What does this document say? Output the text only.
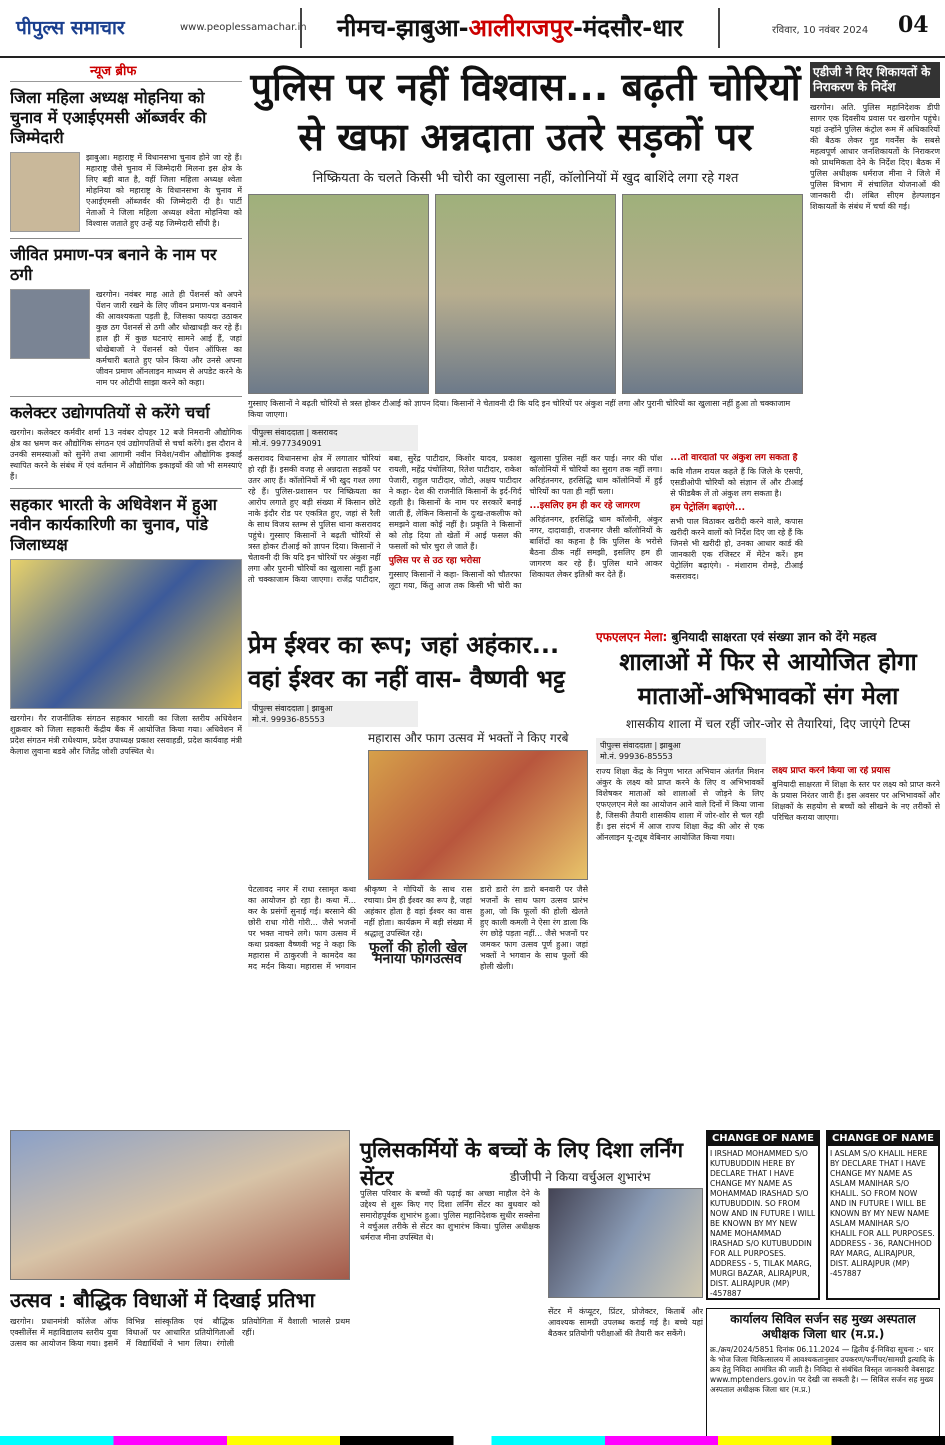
पीपुल्स समाचार	www.peoplessamachar.in	नीमच-झाबुआ-आलीराजपुर-मंदसौर-धार	रविवार, 10 नवंबर 2024 04
न्यूज ब्रीफ
जिला महिला अध्यक्ष मोहनिया को चुनाव में एआईएमसी ऑब्जर्वर की जिम्मेदारी

झाबुआ। महाराष्ट्र में विधानसभा चुनाव होने जा रहे हैं। महाराष्ट्र जैसे चुनाव में जिम्मेदारी मिलना इस क्षेत्र के लिए बड़ी बात है, वहीं जिला महिला अध्यक्ष श्वेता मोहनिया को महाराष्ट्र के विधानसभा के चुनाव में एआईएमसी ऑब्जर्वर की जिम्मेदारी दी है। पार्टी नेताओं ने जिला महिला अध्यक्ष श्वेता मोहनिया को विश्वास जताते हुए उन्हें यह जिम्मेदारी सौंपी है।

जीवित प्रमाण-पत्र बनाने के नाम पर ठगी

खरगोन। नवंबर माह आते ही पेंशनर्स को अपने पेंशन जारी रखने के लिए जीवन प्रमाण-पत्र बनवाने की आवश्यकता पड़ती है, जिसका फायदा उठाकर कुछ ठग पेंशनर्स से ठगी और धोखाधड़ी कर रहे हैं। हाल ही में कुछ घटनाएं सामने आई हैं, जहां धोखेबाजों ने पेंशनर्स को पेंशन ऑफिस का कर्मचारी बताते हुए फोन किया और उनसे अपना जीवन प्रमाण ऑनलाइन माध्यम से अपडेट करने के नाम पर ओटीपी साझा करने को कहा।

कलेक्टर उद्योगपतियों से करेंगे चर्चा

खरगोन। कलेक्टर कर्मवीर शर्मा 13 नवंबर दोपहर 12 बजे निमरानी औद्योगिक क्षेत्र का भ्रमण कर औद्योगिक संगठन एवं उद्योगपतियों से चर्चा करेंगे। इस दौरान वे उनकी समस्याओं को सुनेंगे तथा आगामी नवीन निवेश/नवीन औद्योगिक इकाई स्थापित करने के संबंध में एवं वर्तमान में औद्योगिक इकाइयों की जो भी समस्याएं हैं।

सहकार भारती के अधिवेशन में हुआ नवीन कार्यकारिणी का चुनाव, पांडे जिलाध्यक्ष

खरगोन। गैर राजनीतिक संगठन सहकार भारती का जिला स्तरीय अधिवेशन शुक्रवार को जिला सहकारी केंद्रीय बैंक में आयोजित किया गया। अधिवेशन में प्रदेश संगठन मंत्री राधेश्याम, प्रदेश उपाध्यक्ष प्रकाश रसवाहडी, प्रदेश कार्यवाह मंत्री केलाश लुवाना बडवे और जितेंद्र जोशी उपस्थित थे।

पुलिस पर नहीं विश्वास... बढ़ती चोरियों
से खफा अन्नदाता उतरे सड़कों पर
निष्क्रियता के चलते किसी भी चोरी का खुलासा नहीं, कॉलोनियों में खुद बाशिंदे लगा रहे गश्त
गुस्साए किसानों ने बढ़ती चोरियों से त्रस्त होकर टीआई को ज्ञापन दिया। किसानों ने चेतावनी दी कि यदि इन चोरियों पर अंकुश नहीं लगा और पुरानी चोरियों का खुलासा नहीं हुआ तो चक्काजाम किया जाएगा।
पीपुल्स संवाददाता | कसरावद
मो.नं. 9977349091
कसरावद विधानसभा क्षेत्र में लगातार चोरियां हो रही हैं। इसकी वजह से अन्नदाता सड़कों पर उतर आए हैं। कॉलोनियों में भी खुद गश्त लगा रहे हैं। पुलिस-प्रशासन पर निष्क्रियता का आरोप लगाते हुए बड़ी संख्या में किसान छोटे नाके इंदौर रोड पर एकत्रित हुए, जहां से रैली के साथ विजय स्तम्भ से पुलिस थाना कसरावद पहुंचे। गुस्साए किसानों ने बढ़ती चोरियों से त्रस्त होकर टीआई को ज्ञापन दिया। किसानों ने चेतावनी दी कि यदि इन चोरियों पर अंकुश नहीं लगा और पुरानी चोरियों का खुलासा नहीं हुआ तो चक्काजाम किया जाएगा। राजेंद्र पाटीदार, बबा, सुरेंद्र पाटीदार, किशोर यादव, प्रकाश रायली, महेंद्र पंचोलिया, रितेश पाटीदार, राकेश पेजारी, राहुल पाटीदार, जोटो, अक्षय पाटीदार ने कहा- देश की राजनीति किसानों के इर्द-गिर्द रहती है। किसानों के नाम पर सरकारें बनाई जाती हैं, लेकिन किसानों के दुःख-तकलीफ को समझने वाला कोई नहीं है। प्रकृति ने किसानों को तोड़ दिया तो खेतों में आई फसल की फसलों को चोर चुरा ले जाते हैं।
पुलिस पर से उठ रहा भरोसा
गुस्साए किसानों ने कहा- किसानों को चौतरफा लूटा गया, किंतु आज तक किसी भी चोरी का खुलासा पुलिस नहीं कर पाई। नगर की पॉश कॉलोनियों में चोरियों का सुराग तक नहीं लगा। अरिहंतनगर, हरसिद्धि धाम कॉलोनियों में हुई चोरियों का पता ही नहीं चला।
...इसलिए हम ही कर रहे जागरण
अरिहंतनगर, हरसिद्धि धाम कॉलोनी, अंकुर नगर, दादावाड़ी, राजनगर जैसी कॉलोनियों के बाशिंदों का कहना है कि पुलिस के भरोसे बैठना ठीक नहीं समझी, इसलिए हम ही जागरण कर रहे हैं। पुलिस थाने आकर शिकायत लेकर इतिश्री कर देते हैं।
...तो वारदातों पर अंकुश लग सकता है
कवि गौतम रायल कहते हैं कि जिले के एसपी, एसडीओपी चोरियों को संज्ञान लें और टीआई से फीडबैक लें तो अंकुश लग सकता है।
हम पेट्रोलिंग बढ़ाएंगे...
सभी पाल विठाकर खरीदी करने वाले, कपास खरीदी करने वालों को निर्देश दिए जा रहे हैं कि जिनसे भी खरीदी हो, उनका आधार कार्ड की जानकारी एक रजिस्टर में मेंटेन करें। हम पेट्रोलिंग बढ़ाएंगे। - मंशाराम रोमड़े, टीआई कसरावद।
एडीजी ने दिए शिकायतों के निराकरण के निर्देश

खरगोन। अति. पुलिस महानिदेशक डीपी सागर एक दिवसीय प्रवास पर खरगोन पहुंचे। यहां उन्होंने पुलिस कंट्रोल रूम में अधिकारियों की बैठक लेकर गुड गवर्नेंस के सबसे महत्वपूर्ण आधार जनशिकायतों के निराकरण को प्राथमिकता देने के निर्देश दिए। बैठक में पुलिस अधीक्षक धर्मराज मीना ने जिले में पुलिस विभाग में संचालित योजनाओं की जानकारी दी। लंबित सीएम हेल्पलाइन शिकायतों के संबंध में चर्चा की गई।

प्रेम ईश्वर का रूप; जहां अहंकार...
वहां ईश्वर का नहीं वास- वैष्णवी भट्ट
पीपुल्स संवाददाता | झाबुआ
मो.नं. 99936-85553
महारास और फाग उत्सव में भक्तों ने किए गरबे
पेटलावद नगर में राधा रसामृत कथा का आयोजन हो रहा है। कथा में... कर के प्रसंगों सुनाई गई। बरसाने की छोरी राधा गोरी गोरी... जैसे भजनों पर भक्त नाचने लगे। फाग उत्सव में कथा प्रवक्ता वैष्णवी भट्ट ने कहा कि महारास में ठाकुरजी ने कामदेव का मद मर्दन किया। महारास में भगवान श्रीकृष्ण ने गोपियों के साथ रास रचाया। प्रेम ही ईश्वर का रूप है, जहां अहंकार होता है वहां ईश्वर का वास नहीं होता। कार्यक्रम में बड़ी संख्या में श्रद्धालु उपस्थित रहे।
फूलों की होली खेल मनाया फागउत्सव
डारो डारो रंग डारो बनवारी पर जैसे भजनों के साथ फाग उत्सव प्रारंभ हुआ, जो कि फूलों की होली खेलते हुए काली कमली ने ऐसा रंग डाला कि रंग छोड़े पड़ता नहीं... जैसे भजनों पर जमकर फाग उत्सव पूर्ण हुआ। जहां भक्तों ने भगवान के साथ फूलों की होली खेली।
एफएलएन मेला: बुनियादी साक्षरता एवं संख्या ज्ञान को देंगे महत्व
शालाओं में फिर से आयोजित होगा
माताओं-अभिभावकों संग मेला
शासकीय शाला में चल रहीं जोर-जोर से तैयारियां, दिए जाएंगे टिप्स
पीपुल्स संवाददाता | झाबुआ
मो.नं. 99936-85553
राज्य शिक्षा केंद्र के निपुण भारत अभियान अंतर्गत मिशन अंकुर के लक्ष्य को प्राप्त करने के लिए व अभिभावकों विशेषकर माताओं को शालाओं से जोड़ने के लिए एफएलएन मेले का आयोजन आने वाले दिनों में किया जाना है, जिसकी तैयारी शासकीय शाला में जोर-शोर से चल रही हैं। इस संदर्भ में आज राज्य शिक्षा केंद्र की ओर से एक ऑनलाइन यू-ट्यूब वेबिनार आयोजित किया गया।
लक्ष्य प्राप्त करने किया जा रहे प्रयास
बुनियादी साक्षरता में शिक्षा के स्तर पर लक्ष्य को प्राप्त करने के प्रयास निरंतर जारी हैं। इस अवसर पर अभिभावकों और शिक्षकों के सहयोग से बच्चों को सीखने के नए तरीकों से परिचित कराया जाएगा।
उत्सव : बौद्धिक विधाओं में दिखाई प्रतिभा
खरगोन। प्रधानमंत्री कॉलेज ऑफ एक्सीलेंस में महाविद्यालय स्तरीय युवा उत्सव का आयोजन किया गया। इसमें विभिन्न सांस्कृतिक एवं बौद्धिक विधाओं पर आधारित प्रतियोगिताओं में विद्यार्थियों ने भाग लिया। रंगोली प्रतियोगिता में वैशाली भालसे प्रथम रहीं।
पुलिसकर्मियों के बच्चों के लिए दिशा लर्निंग सेंटर	डीजीपी ने किया वर्चुअल शुभारंभ
पुलिस परिवार के बच्चों की पढ़ाई का अच्छा माहौल देने के उद्देश्य से शुरू किए गए दिशा लर्निंग सेंटर का बुधवार को समारोहपूर्वक शुभारंभ हुआ। पुलिस महानिदेशक सुधीर सक्सेना ने वर्चुअल तरीके से सेंटर का शुभारंभ किया। पुलिस अधीक्षक धर्मराज मीना उपस्थित थे।
सेंटर में कंप्यूटर, प्रिंटर, प्रोजेक्टर, किताबें और आवश्यक सामग्री उपलब्ध कराई गई है। बच्चे यहां बैठकर प्रतियोगी परीक्षाओं की तैयारी कर सकेंगे।
CHANGE OF NAME
I IRSHAD MOHAMMED S/O KUTUBUDDIN HERE BY DECLARE THAT I HAVE CHANGE MY NAME AS MOHAMMAD IRASHAD S/O KUTUBUDDIN. SO FROM NOW AND IN FUTURE I WILL BE KNOWN BY MY NEW NAME MOHAMMAD IRASHAD S/O KUTUBUDDIN FOR ALL PURPOSES. ADDRESS - 5, TILAK MARG, MURGI BAZAR, ALIRAJPUR, DIST. ALIRAJPUR (MP) -457887
CHANGE OF NAME
I ASLAM S/O KHALIL HERE BY DECLARE THAT I HAVE CHANGE MY NAME AS ASLAM MANIHAR S/O KHALIL. SO FROM NOW AND IN FUTURE I WILL BE KNOWN BY MY NEW NAME ASLAM MANIHAR S/O KHALIL FOR ALL PURPOSES. ADDRESS - 36, RANCHHOD RAY MARG, ALIRAJPUR, DIST. ALIRAJPUR (MP) -457887
कार्यालय सिविल सर्जन सह मुख्य अस्पताल अधीक्षक जिला धार (म.प्र.)
क्र./क्रय/2024/5851 दिनांक 06.11.2024 — द्वितीय ई-निविदा सूचना :- धार के भोज जिला चिकित्सालय में आवश्यकतानुसार उपकरण/फर्नीचर/सामग्री इत्यादि के क्रय हेतु निविदा आमंत्रित की जाती है। निविदा से संबंधित विस्तृत जानकारी वेबसाइट www.mptenders.gov.in पर देखी जा सकती है। — सिविल सर्जन सह मुख्य अस्पताल अधीक्षक जिला धार (म.प्र.)
